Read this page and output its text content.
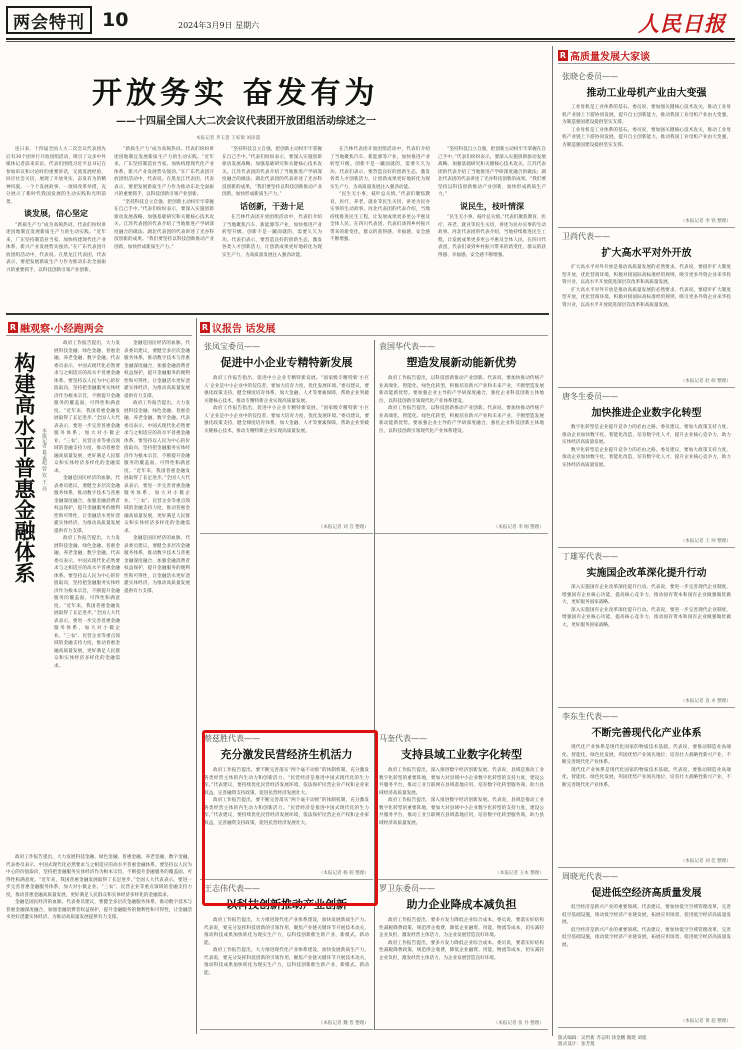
两会特刊 10	2024年3月9日 星期六	人民日报
开放务实 奋发有为
——十四届全国人大二次会议代表团开放团组活动综述之一
本报记者 齐玉瓷 王家瑞 刘泽漠

连日来，十四届全国人大二次会议代表团先后有30个团举行开放团组活动，吸引了众多中外媒体记者前来采访。代表们围绕习近平总书记在参加审议和讨论时的重要讲话，交流发展经验，回应社会关切，展现了开放务实、奋发有为的精神风貌。一个个发展故事、一项项改革举措，充分展示了新时代我国发展的生动实践和光明前景。

谈发展，信心坚定

“新质生产力”成为高频热词。代表们纷纷讲述因地制宜发展新质生产力的生动实践。“近年来，广东坚持制造业当家，加快构建现代化产业体系，新兴产业发展势头强劲。”在广东代表团开放团组活动中，代表说。在黑龙江代表团，代表表示，要把发展新质生产力作为推动东北全面振兴的重要抓手，以科技创新引领产业创新。

“新质生产力”成为高频热词。代表们纷纷讲述因地制宜发展新质生产力的生动实践。“近年来，广东坚持制造业当家，加快构建现代化产业体系，新兴产业发展势头强劲。”在广东代表团开放团组活动中，代表说。在黑龙江代表团，代表表示，要把发展新质生产力作为推动东北全面振兴的重要抓手，以科技创新引领产业创新。

“坚持科技自立自强，把创新主动权牢牢掌握在自己手中。”代表们纷纷表示，要深入实施创新驱动发展战略，加强基础研究和关键核心技术攻关。江苏代表团的代表介绍了当地推进产学研深度融合的做法；湖北代表团的代表讲述了光谷科技创新的成果。“我们要坚持以科技创新推动产业创新，加快形成新质生产力。”

“坚持科技自立自强，把创新主动权牢牢掌握在自己手中。”代表们纷纷表示，要深入实施创新驱动发展战略，加强基础研究和关键核心技术攻关。江苏代表团的代表介绍了当地推进产学研深度融合的做法；湖北代表团的代表讲述了光谷科技创新的成果。“我们要坚持以科技创新推动产业创新，加快形成新质生产力。”

话创新，干劲十足

在吉林代表团开放团组活动中，代表们介绍了当地聚焦汽车、新能源等产业，加快推进产业转型升级。创新不是一蹴而就的，需要久久为功。代表们表示，要营造良好的创新生态，激发各类人才创新活力，让创新成果更好地转化为现实生产力，为高质量发展注入强劲动能。

在吉林代表团开放团组活动中，代表们介绍了当地聚焦汽车、新能源等产业，加快推进产业转型升级。创新不是一蹴而就的，需要久久为功。代表们表示，要营造良好的创新生态，激发各类人才创新活力，让创新成果更好地转化为现实生产力，为高质量发展注入强劲动能。

“民生无小事，枝叶总关情。”代表们聚焦教育、医疗、养老、就业等民生关切，讲述为民办实事的生动故事。河北代表团的代表介绍，当地持续推进民生工程，让发展成果更多更公平惠及全体人民。在四川代表团，代表们谈到乡村振兴带来的新变化，群众的获得感、幸福感、安全感不断增强。

“坚持科技自立自强，把创新主动权牢牢掌握在自己手中。”代表们纷纷表示，要深入实施创新驱动发展战略，加强基础研究和关键核心技术攻关。江苏代表团的代表介绍了当地推进产学研深度融合的做法；湖北代表团的代表讲述了光谷科技创新的成果。“我们要坚持以科技创新推动产业创新，加快形成新质生产力。”

说民生，枝叶情深

“民生无小事，枝叶总关情。”代表们聚焦教育、医疗、养老、就业等民生关切，讲述为民办实事的生动故事。河北代表团的代表介绍，当地持续推进民生工程，让发展成果更多更公平惠及全体人民。在四川代表团，代表们谈到乡村振兴带来的新变化，群众的获得感、幸福感、安全感不断增强。

R 高质量发展大家谈
张晓仑委员——
推动工业母机产业由大变强

工业母机是工业体系的基石。委员说，要加强关键核心技术攻关，推动工业母机产业链上下游协同发展，提升自主创新能力，推动我国工业母机产业由大变强，为制造强国建设提供坚实支撑。

工业母机是工业体系的基石。委员说，要加强关键核心技术攻关，推动工业母机产业链上下游协同发展，提升自主创新能力，推动我国工业母机产业由大变强，为制造强国建设提供坚实支撑。

（本报记者 李 铁 整理）
卫尚代表——
扩大高水平对外开放

扩大高水平对外开放是推动高质量发展的必然要求。代表说，要稳步扩大制度型开放，优化营商环境，积极对接国际高标准经贸规则，吸引更多外资企业来华投资兴业，以高水平开放促进深层次改革和高质量发展。

扩大高水平对外开放是推动高质量发展的必然要求。代表说，要稳步扩大制度型开放，优化营商环境，积极对接国际高标准经贸规则，吸引更多外资企业来华投资兴业，以高水平开放促进深层次改革和高质量发展。

（本报记者 赵 萌 整理）
唐冬生委员——
加快推进企业数字化转型

数字化转型是企业提升竞争力的必由之路。委员建议，要加大政策支持力度，推动企业加快数字化、智能化改造，培育数字化人才，提升企业核心竞争力，助力实体经济高质量发展。

数字化转型是企业提升竞争力的必由之路。委员建议，要加大政策支持力度，推动企业加快数字化、智能化改造，培育数字化人才，提升企业核心竞争力，助力实体经济高质量发展。

（本报记者 王 珂 整理）
丁雄军代表——
实施国企改革深化提升行动

深入实施国有企业改革深化提升行动。代表说，要进一步完善现代企业制度，增强国有企业核心功能，提高核心竞争力，推动国有资本和国有企业做强做优做大，更好服务国家战略。

深入实施国有企业改革深化提升行动。代表说，要进一步完善现代企业制度，增强国有企业核心功能，提高核心竞争力，推动国有资本和国有企业做强做优做大，更好服务国家战略。

（本报记者 袁 卓 整理）
李东生代表——
不断完善现代化产业体系

现代化产业体系是现代化国家的物质技术基础。代表说，要推动制造业高端化、智能化、绿色化发展，巩固优势产业领先地位，培育壮大战略性新兴产业，不断完善现代化产业体系。

现代化产业体系是现代化国家的物质技术基础。代表说，要推动制造业高端化、智能化、绿色化发展，巩固优势产业领先地位，培育壮大战略性新兴产业，不断完善现代化产业体系。

（本报记者 刘 佳 整理）
周晓光代表——
促进低空经济高质量发展

低空经济是新兴产业的重要领域。代表建议，要加快低空空域管理改革，完善低空基础设施，推动低空经济产业链发展，拓展应用场景，促进低空经济高质量发展。

低空经济是新兴产业的重要领域。代表建议，要加快低空空域管理改革，完善低空基础设施，推动低空经济产业链发展，拓展应用场景，促进低空经济高质量发展。

（本报记者 黄 超 整理）
R 融观察·小经跑两会
构建高水平普惠金融体系 本报记者 葛孟超 曾 钦 王 亮

政府工作报告提出，大力发展科技金融、绿色金融、普惠金融、养老金融、数字金融。代表委员表示，中国式现代化必然要求与之相适应的高水平普惠金融体系。要坚持以人民为中心的价值取向，坚持把金融服务实体经济作为根本宗旨，不断提升金融服务的覆盖面、可得性和满意度。“近年来，我国普惠金融发展取得了长足进步。”全国人大代表表示，要进一步完善普惠金融服务体系，加大对小微企业、“三农”、民营企业等重点领域的金融支持力度，推动普惠金融高质量发展，更好满足人民群众和实体经济多样化的金融需求。

金融是国民经济的血脉。代表委员建议，要健全多层次金融服务体系，推动数字技术与普惠金融深度融合，加强金融消费者权益保护，提升金融服务的便利性和可得性，让金融活水更好浇灌实体经济，为推动高质量发展提供有力支撑。

政府工作报告提出，大力发展科技金融、绿色金融、普惠金融、养老金融、数字金融。代表委员表示，中国式现代化必然要求与之相适应的高水平普惠金融体系。要坚持以人民为中心的价值取向，坚持把金融服务实体经济作为根本宗旨，不断提升金融服务的覆盖面、可得性和满意度。“近年来，我国普惠金融发展取得了长足进步。”全国人大代表表示，要进一步完善普惠金融服务体系，加大对小微企业、“三农”、民营企业等重点领域的金融支持力度，推动普惠金融高质量发展，更好满足人民群众和实体经济多样化的金融需求。

金融是国民经济的血脉。代表委员建议，要健全多层次金融服务体系，推动数字技术与普惠金融深度融合，加强金融消费者权益保护，提升金融服务的便利性和可得性，让金融活水更好浇灌实体经济，为推动高质量发展提供有力支撑。

政府工作报告提出，大力发展科技金融、绿色金融、普惠金融、养老金融、数字金融。代表委员表示，中国式现代化必然要求与之相适应的高水平普惠金融体系。要坚持以人民为中心的价值取向，坚持把金融服务实体经济作为根本宗旨，不断提升金融服务的覆盖面、可得性和满意度。“近年来，我国普惠金融发展取得了长足进步。”全国人大代表表示，要进一步完善普惠金融服务体系，加大对小微企业、“三农”、民营企业等重点领域的金融支持力度，推动普惠金融高质量发展，更好满足人民群众和实体经济多样化的金融需求。

金融是国民经济的血脉。代表委员建议，要健全多层次金融服务体系，推动数字技术与普惠金融深度融合，加强金融消费者权益保护，提升金融服务的便利性和可得性，让金融活水更好浇灌实体经济，为推动高质量发展提供有力支撑。

政府工作报告提出，大力发展科技金融、绿色金融、普惠金融、养老金融、数字金融。代表委员表示，中国式现代化必然要求与之相适应的高水平普惠金融体系。要坚持以人民为中心的价值取向，坚持把金融服务实体经济作为根本宗旨，不断提升金融服务的覆盖面、可得性和满意度。“近年来，我国普惠金融发展取得了长足进步。”全国人大代表表示，要进一步完善普惠金融服务体系，加大对小微企业、“三农”、民营企业等重点领域的金融支持力度，推动普惠金融高质量发展，更好满足人民群众和实体经济多样化的金融需求。

金融是国民经济的血脉。代表委员建议，要健全多层次金融服务体系，推动数字技术与普惠金融深度融合，加强金融消费者权益保护，提升金融服务的便利性和可得性，让金融活水更好浇灌实体经济，为推动高质量发展提供有力支撑。

R 议报告 话发展
张凤宝委员——
促进中小企业专精特新发展

政府工作报告指出，促进中小企业专精特新发展。“国家级专精特新‘小巨人’企业是中小企业中的佼佼者，要加大培育力度，优化发展环境。”委员建议，要强化政策支持，健全梯度培育体系，加大金融、人才等要素保障，帮助企业突破关键核心技术，推动专精特新企业实现高质量发展。

政府工作报告指出，促进中小企业专精特新发展。“国家级专精特新‘小巨人’企业是中小企业中的佼佼者，要加大培育力度，优化发展环境。”委员建议，要强化政策支持，健全梯度培育体系，加大金融、人才等要素保障，帮助企业突破关键核心技术，推动专精特新企业实现高质量发展。

（本报记者 刘 音 整理）
袁国华代表——
塑造发展新动能新优势

政府工作报告提出，以科技创新推动产业创新。代表说，要加快推动传统产业高端化、智能化、绿色化转型，积极培育新兴产业和未来产业，不断塑造发展新动能新优势。要加强企业主导的产学研深度融合，强化企业科技创新主体地位，以科技创新引领现代化产业体系建设。

政府工作报告提出，以科技创新推动产业创新。代表说，要加快推动传统产业高端化、智能化、绿色化转型，积极培育新兴产业和未来产业，不断塑造发展新动能新优势。要加强企业主导的产学研深度融合，强化企业科技创新主体地位，以科技创新引领现代化产业体系建设。

（本报记者 李 刚 整理）
蔡兹胜代表——
充分激发民营经济生机活力

政府工作报告提出，要不断完善落实“两个毫不动摇”的体制机制，充分激发各类经营主体的内生动力和创新活力。“民营经济是推进中国式现代化的生力军。”代表建议，要持续优化民营经济发展环境，依法保护民营企业产权和企业家权益，完善融资支持政策，促进民营经济发展壮大。

政府工作报告提出，要不断完善落实“两个毫不动摇”的体制机制，充分激发各类经营主体的内生动力和创新活力。“民营经济是推进中国式现代化的生力军。”代表建议，要持续优化民营经济发展环境，依法保护民营企业产权和企业家权益，完善融资支持政策，促进民营经济发展壮大。

（本报记者 杨 萌 整理）
马奎代表——
支持县域工业数字化转型

政府工作报告提出，深入推进数字经济创新发展。代表说，县域是推动工业数字化转型的重要阵地，要加大对县域中小企业数字化转型的支持力度，建设公共服务平台，推动工业互联网在县域落地应用，培育数字化转型服务商，助力县域经济高质量发展。

政府工作报告提出，深入推进数字经济创新发展。代表说，县域是推动工业数字化转型的重要阵地，要加大对县域中小企业数字化转型的支持力度，建设公共服务平台，推动工业互联网在县域落地应用，培育数字化转型服务商，助力县域经济高质量发展。

（本报记者 王本 整理）
王志伟代表——
以科技创新推动产业创新

政府工作报告提出，大力推进现代化产业体系建设，加快发展新质生产力。代表说，要充分发挥科技创新的引领作用，聚焦产业链关键环节开展技术攻关，推动科技成果加快转化为现实生产力，以科技创新催生新产业、新模式、新动能。

政府工作报告提出，大力推进现代化产业体系建设，加快发展新质生产力。代表说，要充分发挥科技创新的引领作用，聚焦产业链关键环节开展技术攻关，推动科技成果加快转化为现实生产力，以科技创新催生新产业、新模式、新动能。

（本报记者 魏 晋 整理）
罗卫东委员——
助力企业降成本减负担

政府工作报告提出，要多方发力降低企业综合成本。委员说，要落实好结构性减税降费政策，规范涉企收费，降低企业融资、用能、物流等成本，切实减轻企业负担，激发经营主体活力，为企业发展营造良好环境。

政府工作报告提出，要多方发力降低企业综合成本。委员说，要落实好结构性减税降费政策，规范涉企收费，降低企业融资、用能、物流等成本，切实减轻企业负担，激发经营主体活力，为企业发展营造良好环境。

（本报记者 张 丹 整理）
版式编辑：吴哲新 齐志明 徐金鹏 熊建 刘冕
版式设计：张芳蔓
